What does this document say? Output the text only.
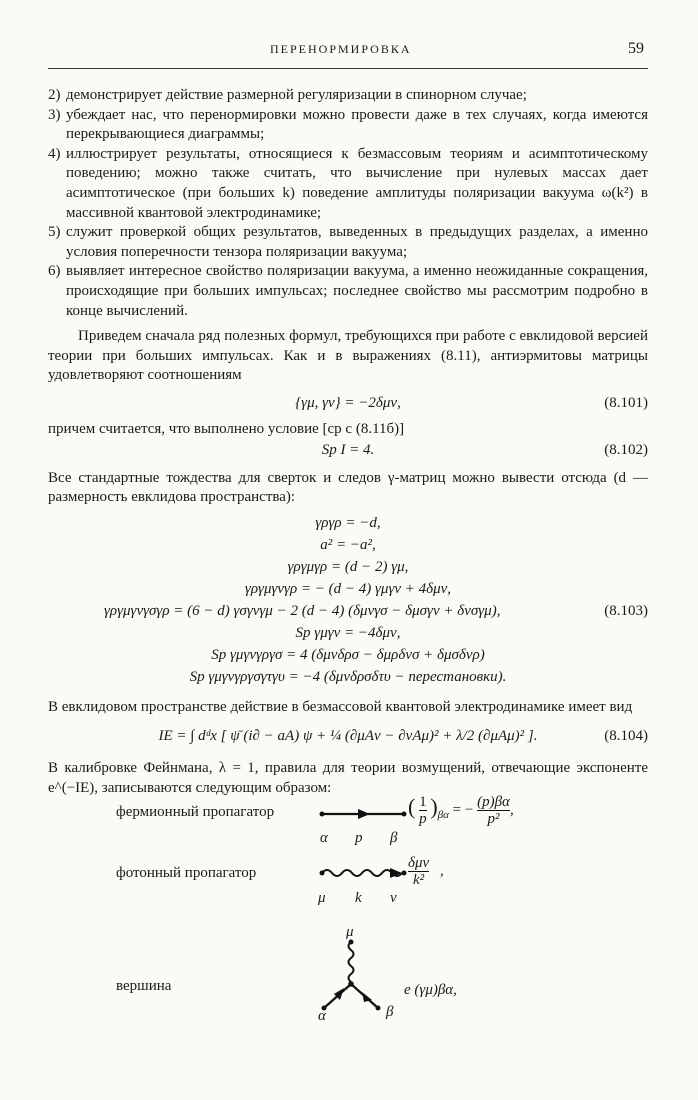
ПЕРЕНОРМИРОВКА	59
2) демонстрирует действие размерной регуляризации в спинорном случае;
3) убеждает нас, что перенормировки можно провести даже в тех случаях, когда имеются перекрывающиеся диаграммы;
4) иллюстрирует результаты, относящиеся к безмассовым теориям и асимптотическому поведению; можно также считать, что вычисление при нулевых массах дает асимптотическое (при больших k) поведение амплитуды поляризации вакуума ω(k²) в массивной квантовой электродинамике;
5) служит проверкой общих результатов, выведенных в предыдущих разделах, а именно условия поперечности тензора поляризации вакуума;
6) выявляет интересное свойство поляризации вакуума, а именно неожиданные сокращения, происходящие при больших импульсах; последнее свойство мы рассмотрим подробно в конце вычислений.

Приведем сначала ряд полезных формул, требующихся при работе с евклидовой версией теории при больших импульсах. Как и в выражениях (8.11), антиэрмитовы матрицы удовлетворяют соотношениям

{γμ, γν} = −2δμν,	(8.101)

причем считается, что выполнено условие [ср с (8.11б)]

Sp I = 4.	(8.102)

Все стандартные тождества для сверток и следов γ-матриц можно вывести отсюда (d — размерность евклидова пространства):

γργρ = −d,
a² = −a²,
γργμγρ = (d − 2) γμ,
γργμγνγρ = − (d − 4) γμγν + 4δμν,
γργμγνγσγρ = (6 − d) γσγνγμ − 2 (d − 4) (δμνγσ − δμσγν + δνσγμ),	(8.103)
Sp γμγν = −4δμν,
Sp γμγνγργσ = 4 (δμνδρσ − δμρδνσ + δμσδνρ)
Sp γμγνγργσγτγυ = −4 (δμνδρσδτυ − перестановки).

В евклидовом пространстве действие в безмассовой квантовой электродинамике имеет вид

IE = ∫ dᵈx [ ψ̄ (i∂ − aA) ψ + ¼ (∂μAν − ∂νAμ)² + λ/2 (∂μAμ)² ].	(8.104)

В калибровке Фейнмана, λ = 1, правила для теории возмущений, отвечающие экспоненте e^(−IE), записываются следующим образом:

фермионный пропагатор	( $\frac{1}{p} )_{\beta\alpha}$ = − $\frac{(p)\beta\alpha}{\text{p²}}$ ,
α p β
фотонный пропагатор
δμν
k²
,
μ k ν
вершина
μ
α	β
e (γμ)βα,
